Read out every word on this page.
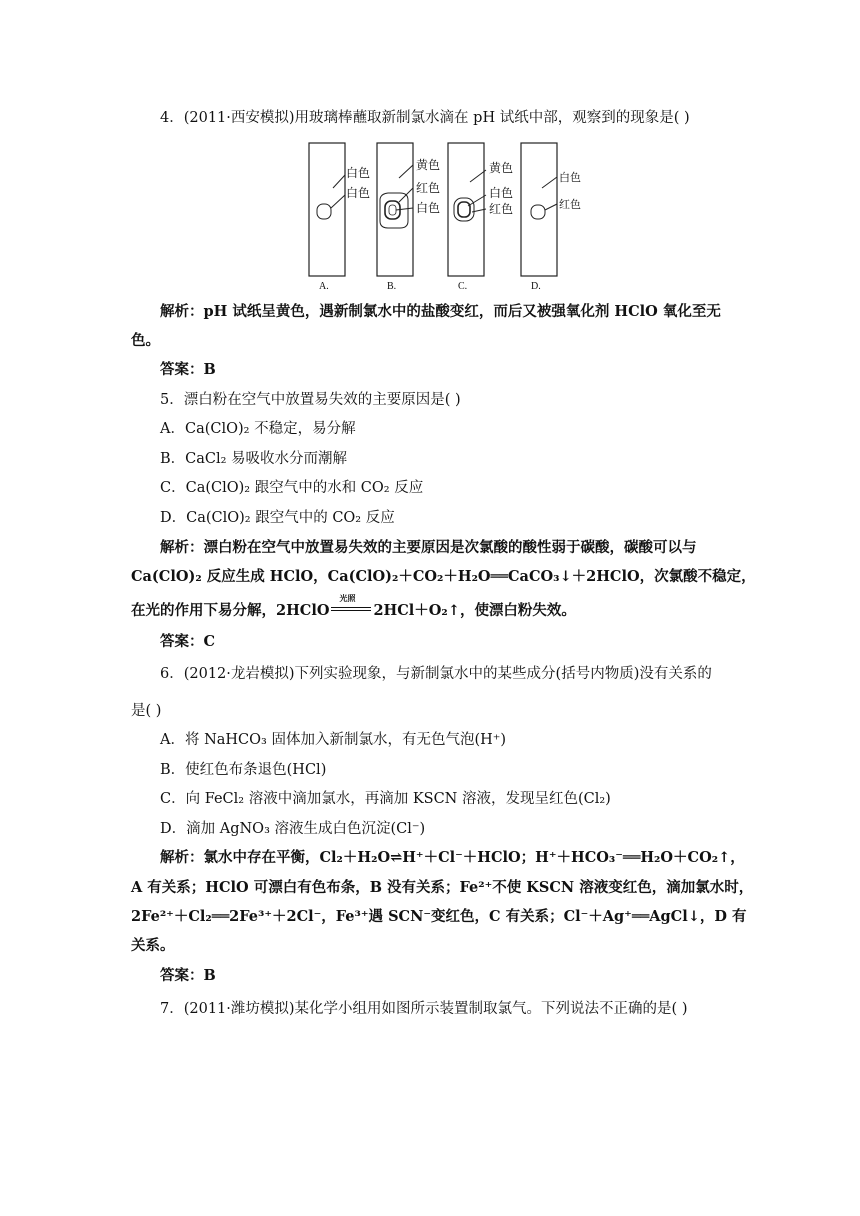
4．(2011·西安模拟)用玻璃棒蘸取新制氯水滴在 pH 试纸中部，观察到的现象是( )
白色
白色
A.
黄色
红色
白色
B.
黄色
白色
红色
C.
白色
红色
D.
解析：pH 试纸呈黄色，遇新制氯水中的盐酸变红，而后又被强氧化剂 HClO 氧化至无
色。
答案：B
5．漂白粉在空气中放置易失效的主要原因是( )
A．Ca(ClO)₂ 不稳定，易分解
B．CaCl₂ 易吸收水分而潮解
C．Ca(ClO)₂ 跟空气中的水和 CO₂ 反应
D．Ca(ClO)₂ 跟空气中的 CO₂ 反应
解析：漂白粉在空气中放置易失效的主要原因是次氯酸的酸性弱于碳酸，碳酸可以与
Ca(ClO)₂ 反应生成 HClO，Ca(ClO)₂＋CO₂＋H₂O══CaCO₃↓＋2HClO，次氯酸不稳定，
在光的作用下易分解，2HClO
光照
2HCl＋O₂↑，使漂白粉失效。
答案：C
6．(2012·龙岩模拟)下列实验现象，与新制氯水中的某些成分(括号内物质)没有关系的
是( )
A．将 NaHCO₃ 固体加入新制氯水，有无色气泡(H⁺)
B．使红色布条退色(HCl)
C．向 FeCl₂ 溶液中滴加氯水，再滴加 KSCN 溶液，发现呈红色(Cl₂)
D．滴加 AgNO₃ 溶液生成白色沉淀(Cl⁻)
解析：氯水中存在平衡，Cl₂＋H₂O⇌H⁺＋Cl⁻＋HClO；H⁺＋HCO₃⁻══H₂O＋CO₂↑，
A 有关系；HClO 可漂白有色布条，B 没有关系；Fe²⁺不使 KSCN 溶液变红色，滴加氯水时，
2Fe²⁺＋Cl₂══2Fe³⁺＋2Cl⁻，Fe³⁺遇 SCN⁻变红色，C 有关系；Cl⁻＋Ag⁺══AgCl↓，D 有
关系。
答案：B
7．(2011·潍坊模拟)某化学小组用如图所示装置制取氯气。下列说法不正确的是( )
